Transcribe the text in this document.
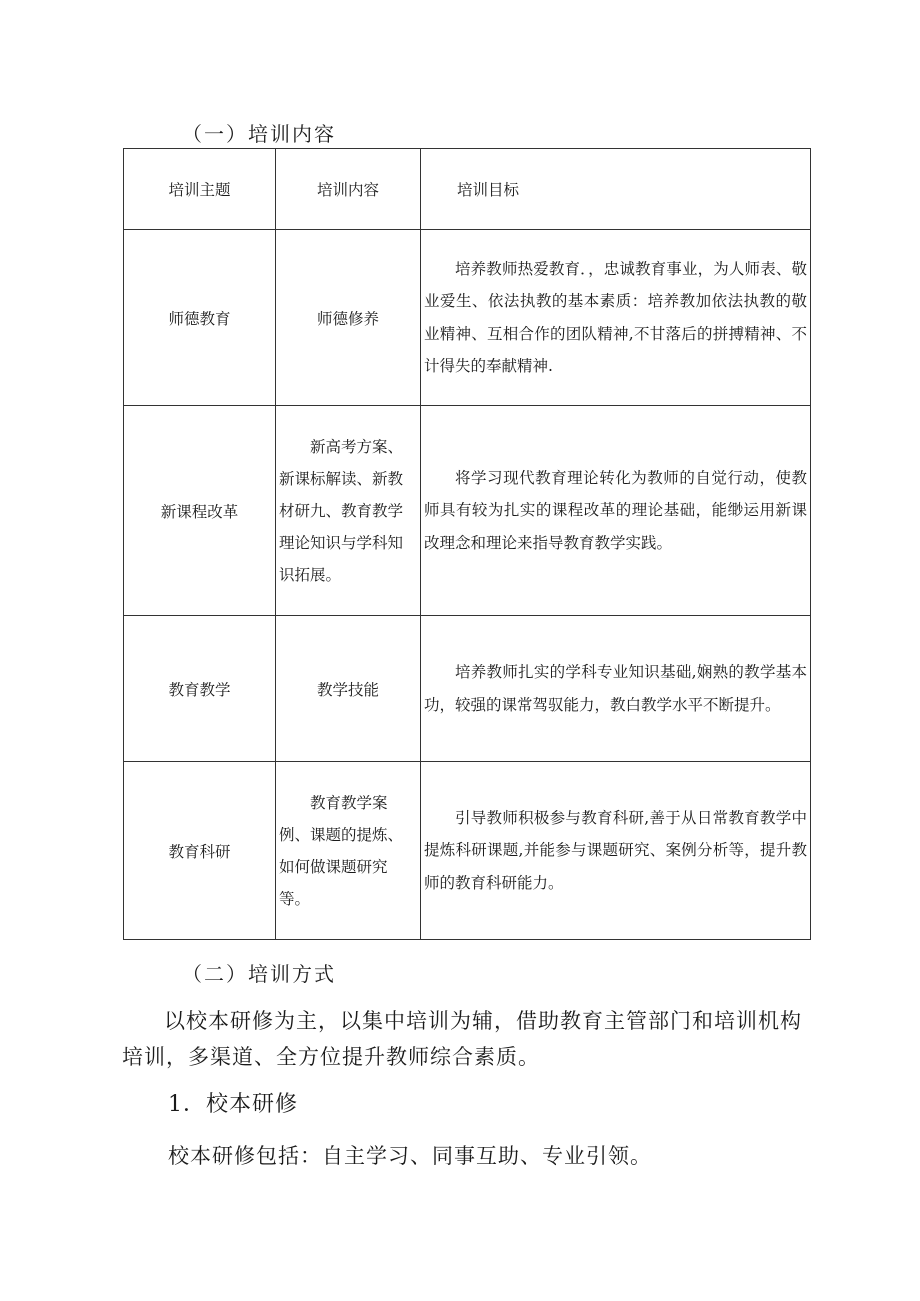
（一）培训内容
培训主题	培训内容	培训目标
师德教育	师德修养	培养教师热爱教育．，忠诚教育事业，为人师表、敬业爱生、依法执教的基本素质：培养教加依法执教的敬业精神、互相合作的团队精神,不甘落后的拼搏精神、不计得失的奉献精神.
新课程改革	新高考方案、新课标解读、新教材研九、教育教学理论知识与学科知识拓展。	将学习现代教育理论转化为教师的自觉行动，使教师具有较为扎实的课程改革的理论基础，能缈运用新课改理念和理论来指导教育教学实践。
教育教学	教学技能	培养教师扎实的学科专业知识基础,娴熟的教学基本功，较强的课常驾驭能力，教白教学水平不断提升。
教育科研	教育教学案例、课题的提炼、如何做课题研究等。	引导教师积极参与教育科研,善于从日常教育教学中提炼科研课题,并能参与课题研究、案例分析等，提升教师的教育科研能力。
（二）培训方式
以校本研修为主，以集中培训为辅，借助教育主管部门和培训机构培训，多渠道、全方位提升教师综合素质。
1．校本研修
校本研修包括：自主学习、同事互助、专业引领。
